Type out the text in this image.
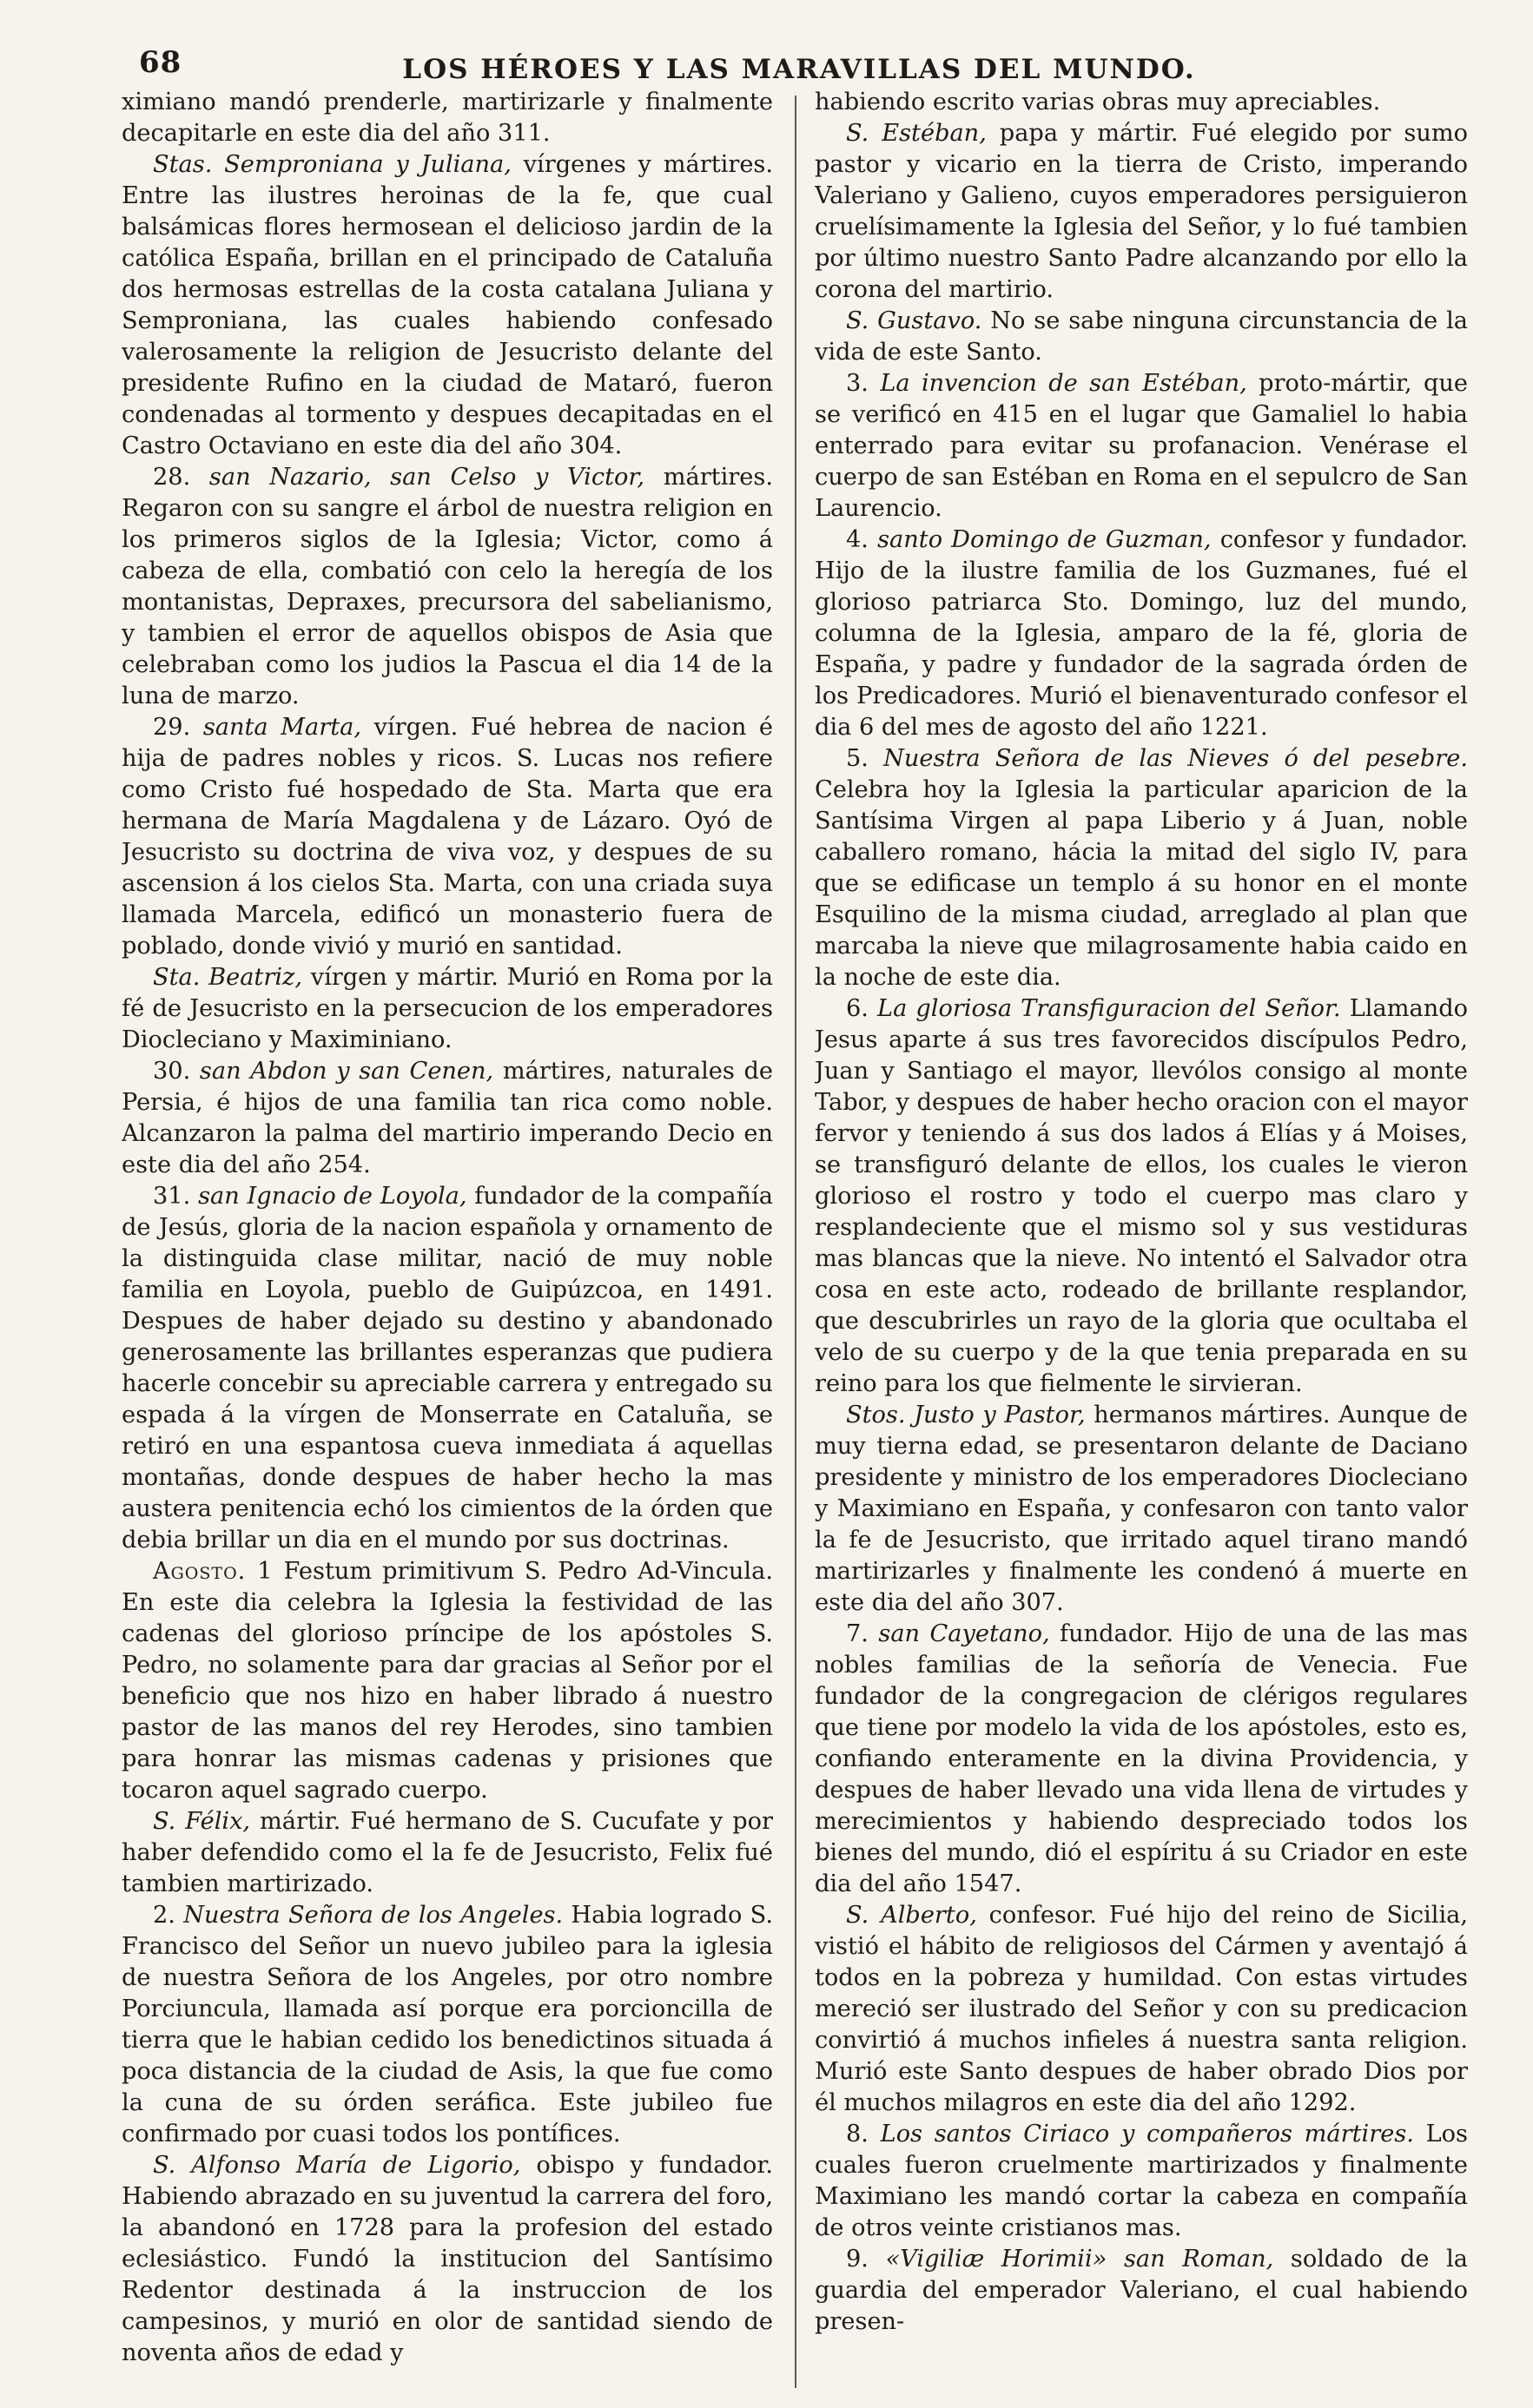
68	LOS HÉROES Y LAS MARAVILLAS DEL MUNDO.

ximiano mandó prenderle, martirizarle y finalmente decapitarle en este dia del año 311.

Stas. Semproniana y Juliana, vírgenes y mártires. Entre las ilustres heroinas de la fe, que cual balsámicas flores hermosean el delicioso jardin de la católica España, brillan en el principado de Cataluña dos hermosas estrellas de la costa catalana Juliana y Semproniana, las cuales habiendo confesado valerosamente la religion de Jesucristo delante del presidente Rufino en la ciudad de Mataró, fueron condenadas al tormento y despues decapitadas en el Castro Octaviano en este dia del año 304.

28. san Nazario, san Celso y Victor, mártires. Regaron con su sangre el árbol de nuestra religion en los primeros siglos de la Iglesia; Victor, como á cabeza de ella, combatió con celo la heregía de los montanistas, Depraxes, precursora del sabelianismo, y tambien el error de aquellos obispos de Asia que celebraban como los judios la Pascua el dia 14 de la luna de marzo.

29. santa Marta, vírgen. Fué hebrea de nacion é hija de padres nobles y ricos. S. Lucas nos refiere como Cristo fué hospedado de Sta. Marta que era hermana de María Magdalena y de Lázaro. Oyó de Jesucristo su doctrina de viva voz, y despues de su ascension á los cielos Sta. Marta, con una criada suya llamada Marcela, edificó un monasterio fuera de poblado, donde vivió y murió en santidad.

Sta. Beatriz, vírgen y mártir. Murió en Roma por la fé de Jesucristo en la persecucion de los emperadores Diocleciano y Maximiniano.

30. san Abdon y san Cenen, mártires, naturales de Persia, é hijos de una familia tan rica como noble. Alcanzaron la palma del martirio imperando Decio en este dia del año 254.

31. san Ignacio de Loyola, fundador de la compañía de Jesús, gloria de la nacion española y ornamento de la distinguida clase militar, nació de muy noble familia en Loyola, pueblo de Guipúzcoa, en 1491. Despues de haber dejado su destino y abandonado generosamente las brillantes esperanzas que pudiera hacerle concebir su apreciable carrera y entregado su espada á la vírgen de Monserrate en Cataluña, se retiró en una espantosa cueva inmediata á aquellas montañas, donde despues de haber hecho la mas austera penitencia echó los cimientos de la órden que debia brillar un dia en el mundo por sus doctrinas.

Agosto. 1 Festum primitivum S. Pedro Ad-Vincula. En este dia celebra la Iglesia la festividad de las cadenas del glorioso príncipe de los apóstoles S. Pedro, no solamente para dar gracias al Señor por el beneficio que nos hizo en haber librado á nuestro pastor de las manos del rey Herodes, sino tambien para honrar las mismas cadenas y prisiones que tocaron aquel sagrado cuerpo.

S. Félix, mártir. Fué hermano de S. Cucufate y por haber defendido como el la fe de Jesucristo, Felix fué tambien martirizado.

2. Nuestra Señora de los Angeles. Habia logrado S. Francisco del Señor un nuevo jubileo para la iglesia de nuestra Señora de los Angeles, por otro nombre Porciuncula, llamada así porque era porcioncilla de tierra que le habian cedido los benedictinos situada á poca distancia de la ciudad de Asis, la que fue como la cuna de su órden seráfica. Este jubileo fue confirmado por cuasi todos los pontífices.

S. Alfonso María de Ligorio, obispo y fundador. Habiendo abrazado en su juventud la carrera del foro, la abandonó en 1728 para la profesion del estado eclesiástico. Fundó la institucion del Santísimo Redentor destinada á la instruccion de los campesinos, y murió en olor de santidad siendo de noventa años de edad y

habiendo escrito varias obras muy apreciables.

S. Estéban, papa y mártir. Fué elegido por sumo pastor y vicario en la tierra de Cristo, imperando Valeriano y Galieno, cuyos emperadores persiguieron cruelísimamente la Iglesia del Señor, y lo fué tambien por último nuestro Santo Padre alcanzando por ello la corona del martirio.

S. Gustavo. No se sabe ninguna circunstancia de la vida de este Santo.

3. La invencion de san Estéban, proto-mártir, que se verificó en 415 en el lugar que Gamaliel lo habia enterrado para evitar su profanacion. Venérase el cuerpo de san Estéban en Roma en el sepulcro de San Laurencio.

4. santo Domingo de Guzman, confesor y fundador. Hijo de la ilustre familia de los Guzmanes, fué el glorioso patriarca Sto. Domingo, luz del mundo, columna de la Iglesia, amparo de la fé, gloria de España, y padre y fundador de la sagrada órden de los Predicadores. Murió el bienaventurado confesor el dia 6 del mes de agosto del año 1221.

5. Nuestra Señora de las Nieves ó del pesebre. Celebra hoy la Iglesia la particular aparicion de la Santísima Virgen al papa Liberio y á Juan, noble caballero romano, hácia la mitad del siglo IV, para que se edificase un templo á su honor en el monte Esquilino de la misma ciudad, arreglado al plan que marcaba la nieve que milagrosamente habia caido en la noche de este dia.

6. La gloriosa Transfiguracion del Señor. Llamando Jesus aparte á sus tres favorecidos discípulos Pedro, Juan y Santiago el mayor, llevólos consigo al monte Tabor, y despues de haber hecho oracion con el mayor fervor y teniendo á sus dos lados á Elías y á Moises, se transfiguró delante de ellos, los cuales le vieron glorioso el rostro y todo el cuerpo mas claro y resplandeciente que el mismo sol y sus vestiduras mas blancas que la nieve. No intentó el Salvador otra cosa en este acto, rodeado de brillante resplandor, que descubrirles un rayo de la gloria que ocultaba el velo de su cuerpo y de la que tenia preparada en su reino para los que fielmente le sirvieran.

Stos. Justo y Pastor, hermanos mártires. Aunque de muy tierna edad, se presentaron delante de Daciano presidente y ministro de los emperadores Diocleciano y Maximiano en España, y confesaron con tanto valor la fe de Jesucristo, que irritado aquel tirano mandó martirizarles y finalmente les condenó á muerte en este dia del año 307.

7. san Cayetano, fundador. Hijo de una de las mas nobles familias de la señoría de Venecia. Fue fundador de la congregacion de clérigos regulares que tiene por modelo la vida de los apóstoles, esto es, confiando enteramente en la divina Providencia, y despues de haber llevado una vida llena de virtudes y merecimientos y habiendo despreciado todos los bienes del mundo, dió el espíritu á su Criador en este dia del año 1547.

S. Alberto, confesor. Fué hijo del reino de Sicilia, vistió el hábito de religiosos del Cármen y aventajó á todos en la pobreza y humildad. Con estas virtudes mereció ser ilustrado del Señor y con su predicacion convirtió á muchos infieles á nuestra santa religion. Murió este Santo despues de haber obrado Dios por él muchos milagros en este dia del año 1292.

8. Los santos Ciriaco y compañeros mártires. Los cuales fueron cruelmente martirizados y finalmente Maximiano les mandó cortar la cabeza en compañía de otros veinte cristianos mas.

9. «Vigiliæ Horimii» san Roman, soldado de la guardia del emperador Valeriano, el cual habiendo presen-
